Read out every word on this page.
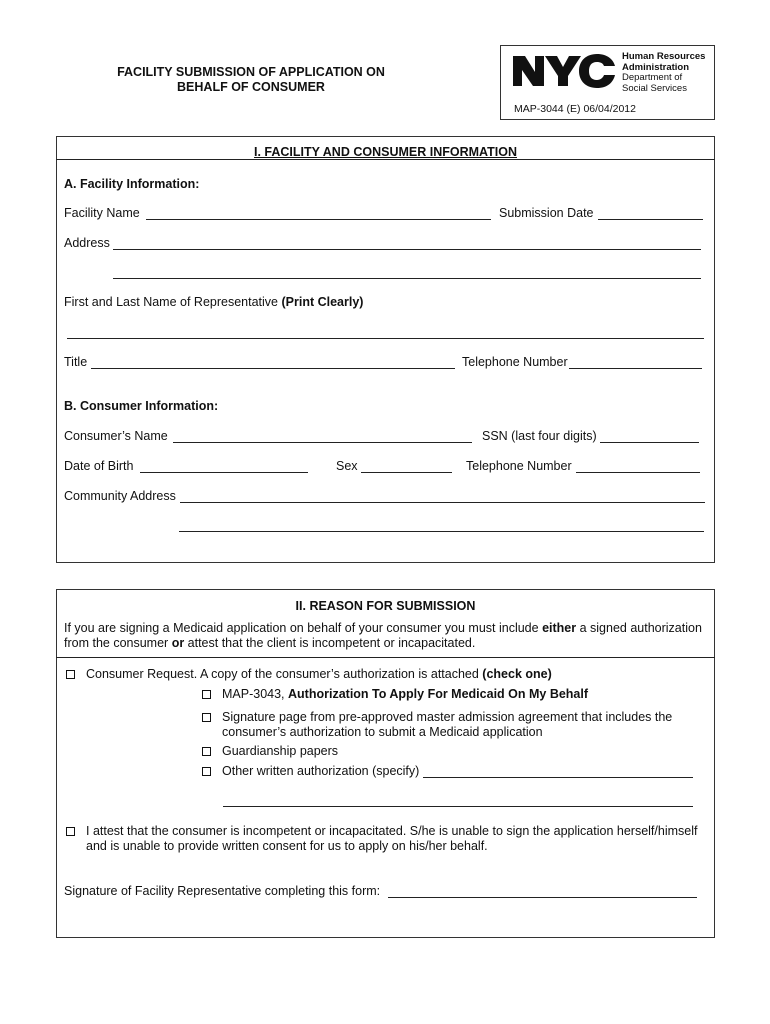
FACILITY SUBMISSION OF APPLICATION ON
BEHALF OF CONSUMER
Human Resources
Administration
Department of
Social Services
MAP-3044 (E) 06/04/2012
I. FACILITY AND CONSUMER INFORMATION
A. Facility Information:
Facility Name	Submission Date
Address
First and Last Name of Representative (Print Clearly)
Title	Telephone Number
B. Consumer Information:
Consumer’s Name	SSN (last four digits)
Date of Birth	Sex	Telephone Number
Community Address
II. REASON FOR SUBMISSION
If you are signing a Medicaid application on behalf of your consumer you must include either a signed authorization
from the consumer or attest that the client is incompetent or incapacitated.
Consumer Request. A copy of the consumer’s authorization is attached (check one)
MAP-3043, Authorization To Apply For Medicaid On My Behalf
Signature page from pre-approved master admission agreement that includes the
consumer’s authorization to submit a Medicaid application
Guardianship papers
Other written authorization (specify)
I attest that the consumer is incompetent or incapacitated. S/he is unable to sign the application herself/himself
and is unable to provide written consent for us to apply on his/her behalf.
Signature of Facility Representative completing this form:
